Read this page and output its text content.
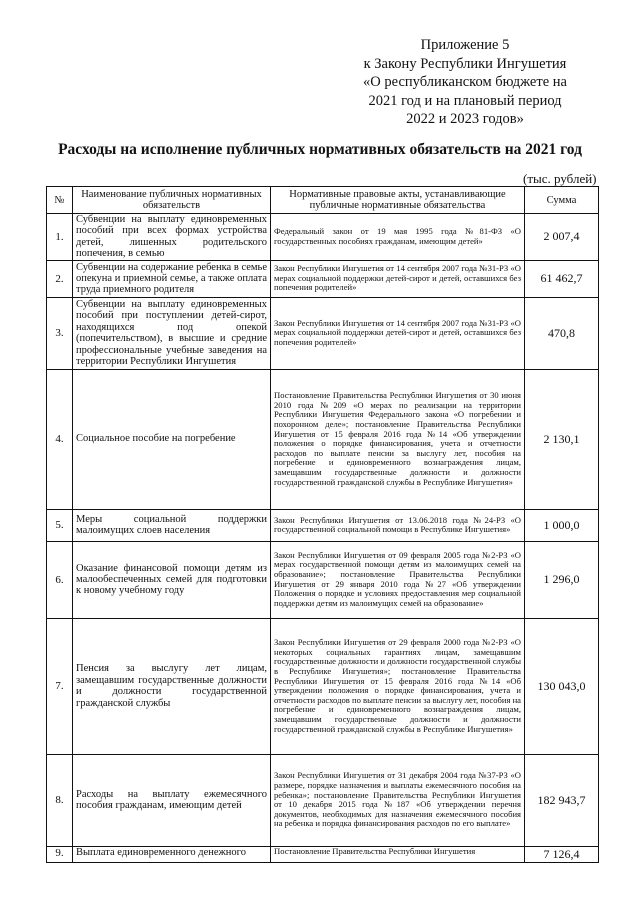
Приложение 5
к Закону Республики Ингушетия
«О республиканском бюджете на
2021 год и на плановый период
2022 и 2023 годов»
Расходы на исполнение публичных нормативных обязательств на 2021 год
(тыс. рублей)
№	Наименование публичных нормативных обязательств	Нормативные правовые акты, устанавливающие публичные нормативные обязательства	Сумма
1.	Субвенции на выплату единовременных пособий при всех формах устройства детей, лишенных родительского попечения, в семью	Федеральный закон от 19 мая 1995 года №81-ФЗ «О государственных пособиях гражданам, имеющим детей»	2 007,4
2.	Субвенции на содержание ребенка в семье опекуна и приемной семье, а также оплата труда приемного родителя	Закон Республики Ингушетия от 14 сентября 2007 года №31-РЗ «О мерах социальной поддержки детей-сирот и детей, оставшихся без попечения родителей»	61 462,7
3.	Субвенции на выплату единовременных пособий при поступлении детей-сирот, находящихся под опекой (попечительством), в высшие и средние профессиональные учебные заведения на территории Республики Ингушетия	Закон Республики Ингушетия от 14 сентября 2007 года №31-РЗ «О мерах социальной поддержки детей-сирот и детей, оставшихся без попечения родителей»	470,8
4.	Социальное пособие на погребение	Постановление Правительства Республики Ингушетия от 30 июня 2010 года №209 «О мерах по реализации на территории Республики Ингушетия Федерального закона «О погребении и похоронном деле»; постановление Правительства Республики Ингушетия от 15 февраля 2016 года №14 «Об утверждении положения о порядке финансирования, учета и отчетности расходов по выплате пенсии за выслугу лет, пособия на погребение и единовременного вознаграждения лицам, замещавшим государственные должности и должности государственной гражданской службы в Республике Ингушетия»	2 130,1
5.	Меры социальной поддержки малоимущих слоев населения	Закон Республики Ингушетия от 13.06.2018 года №24-РЗ «О государственной социальной помощи в Республике Ингушетия»	1 000,0
6.	Оказание финансовой помощи детям из малообеспеченных семей для подготовки к новому учебному году	Закон Республики Ингушетия от 09 февраля 2005 года №2-РЗ «О мерах государственной помощи детям из малоимущих семей на образование»; постановление Правительства Республики Ингушетия от 29 января 2010 года №27 «Об утверждении Положения о порядке и условиях предоставления мер социальной поддержки детям из малоимущих семей на образование»	1 296,0
7.	Пенсия за выслугу лет лицам, замещавшим государственные должности и должности государственной гражданской службы	Закон Республики Ингушетия от 29 февраля 2000 года №2-РЗ «О некоторых социальных гарантиях лицам, замещавшим государственные должности и должности государственной службы в Республике Ингушетия»; постановление Правительства Республики Ингушетия от 15 февраля 2016 года №14 «Об утверждении положения о порядке финансирования, учета и отчетности расходов по выплате пенсии за выслугу лет, пособия на погребение и единовременного вознаграждения лицам, замещавшим государственные должности и должности государственной гражданской службы в Республике Ингушетия»	130 043,0
8.	Расходы на выплату ежемесячного пособия гражданам, имеющим детей	Закон Республики Ингушетия от 31 декабря 2004 года №37-РЗ «О размере, порядке назначения и выплаты ежемесячного пособия на ребенка»; постановление Правительства Республики Ингушетия от 10 декабря 2015 года №187 «Об утверждении перечня документов, необходимых для назначения ежемесячного пособия на ребенка и порядка финансирования расходов по его выплате»	182 943,7
9.	Выплата единовременного денежного	Постановление Правительства Республики Ингушетия	7 126,4
